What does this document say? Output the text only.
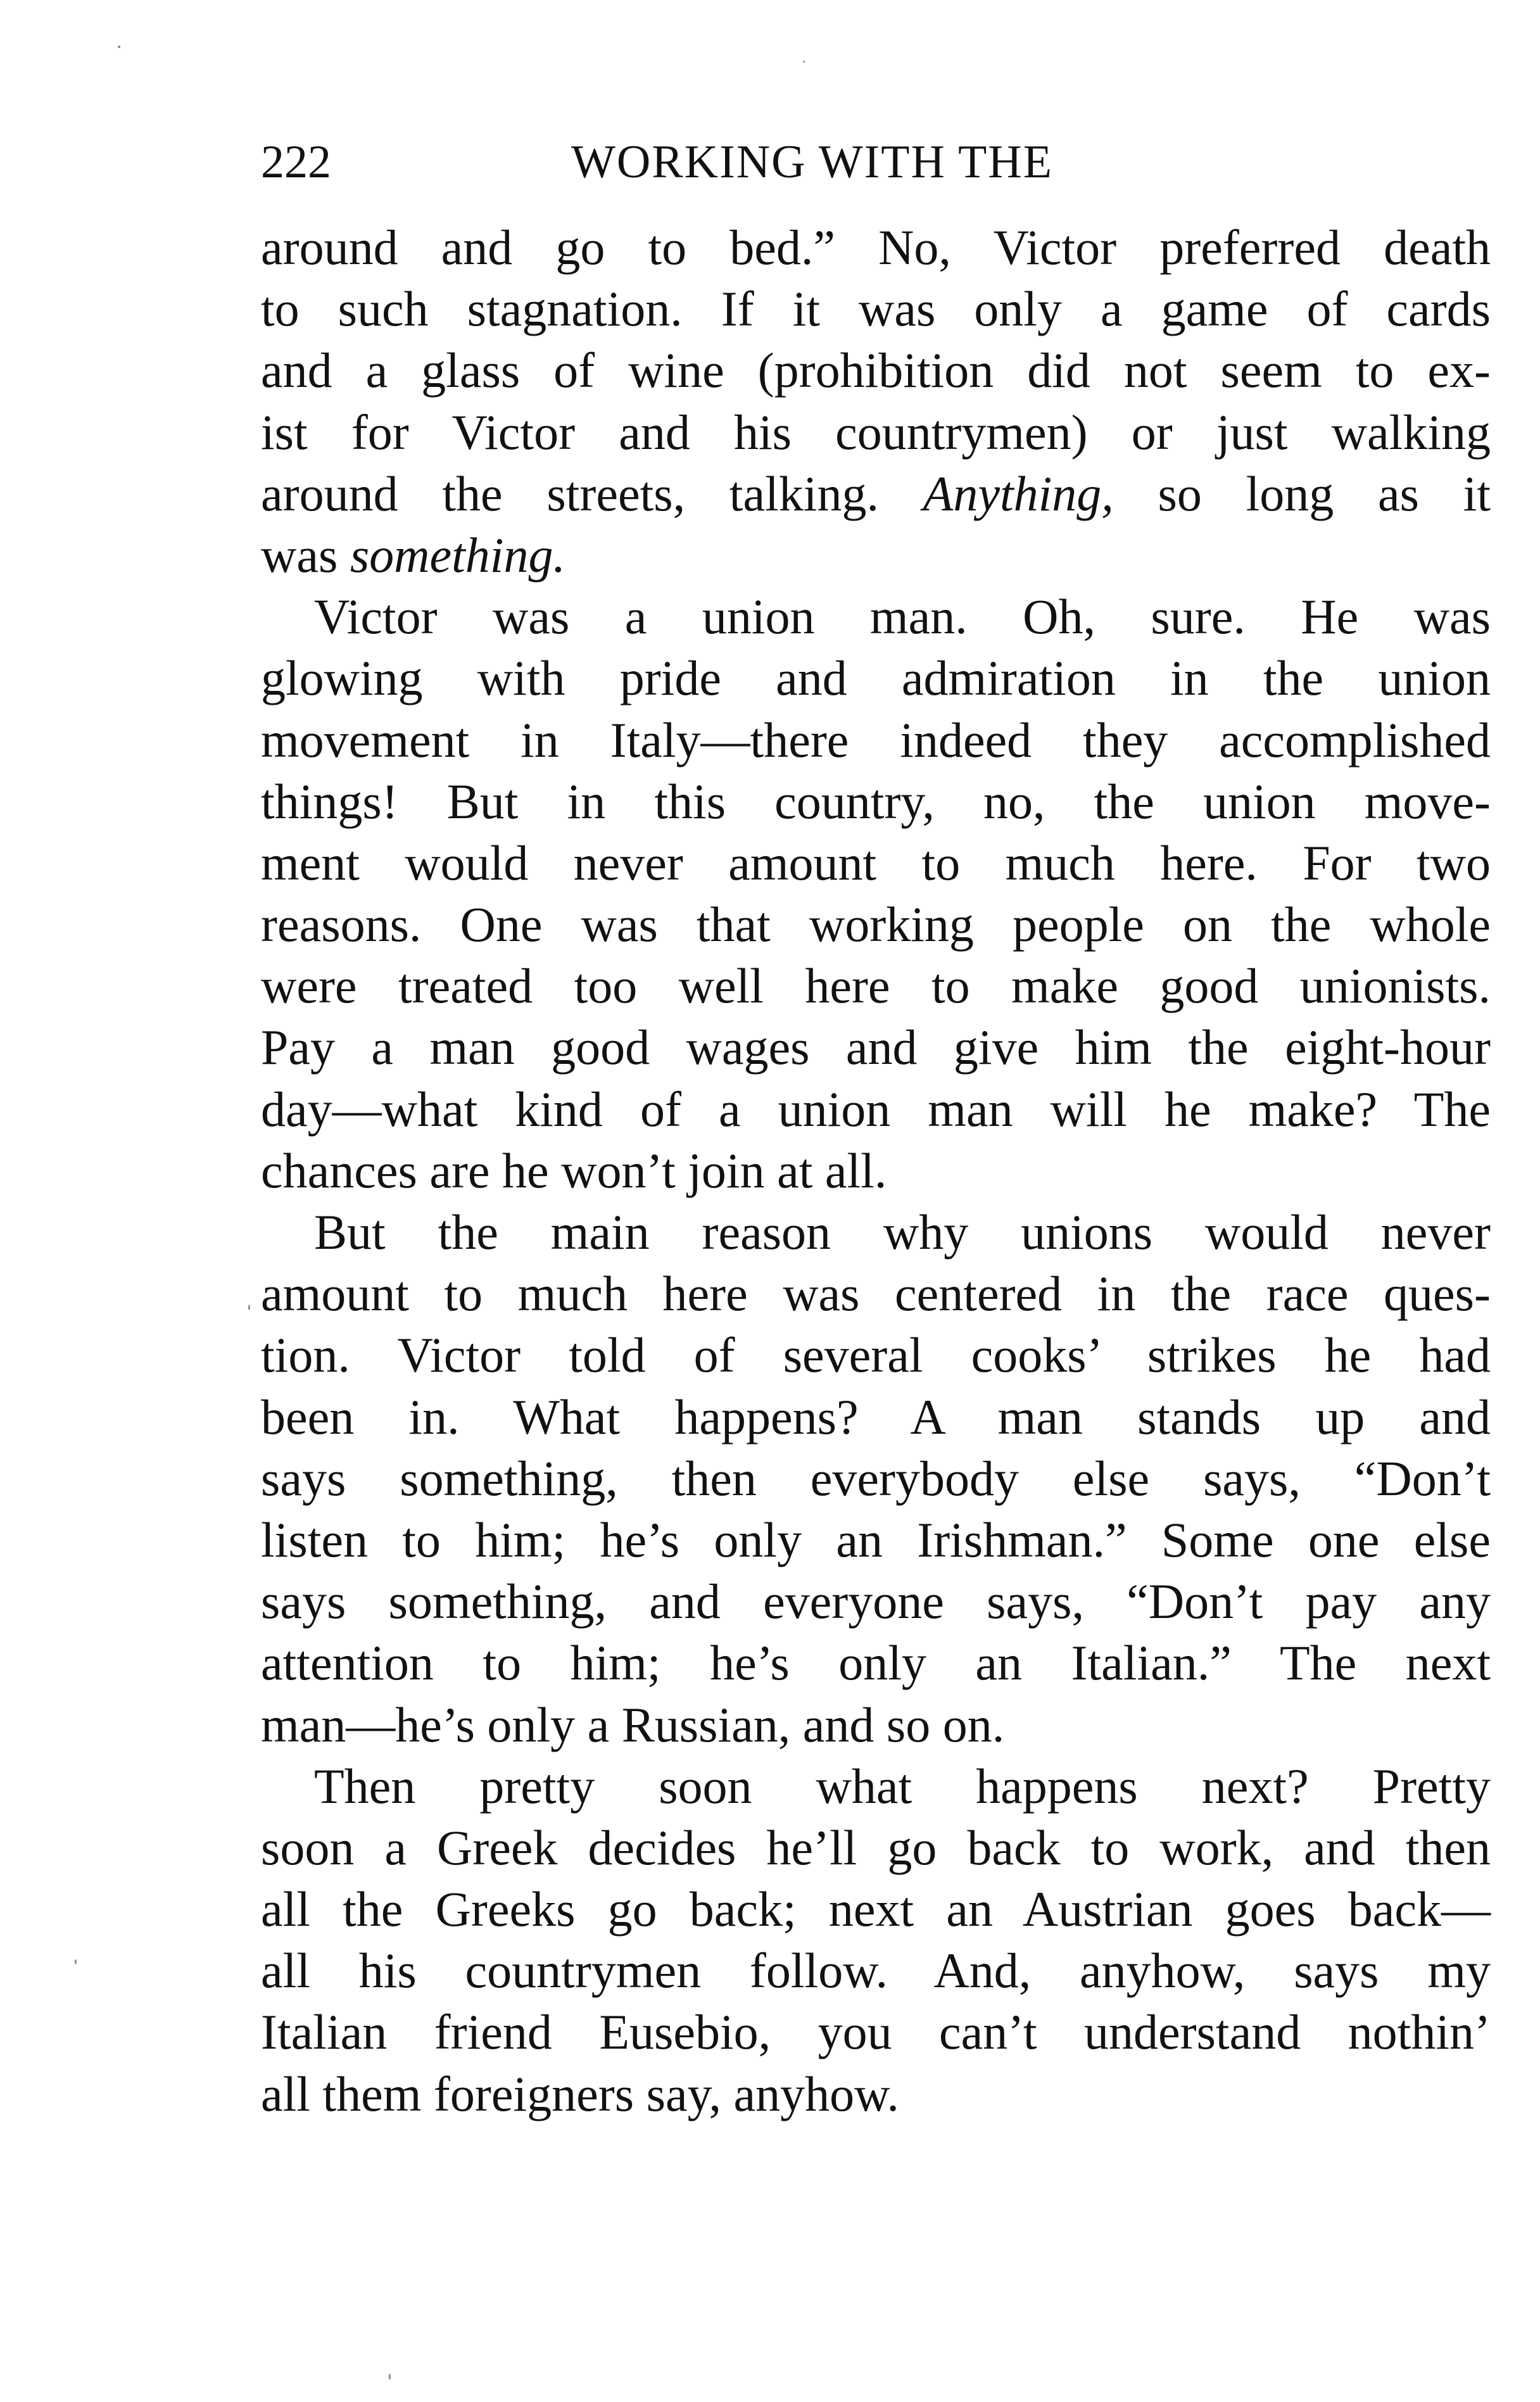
222	WORKING WITH THE
around and go to bed.” No, Victor preferred death
to such stagnation. If it was only a game of cards
and a glass of wine (prohibition did not seem to ex-
ist for Victor and his countrymen) or just walking
around the streets, talking. Anything, so long as it
was something.
Victor was a union man. Oh, sure. He was
glowing with pride and admiration in the union
movement in Italy—there indeed they accomplished
things! But in this country, no, the union move-
ment would never amount to much here. For two
reasons. One was that working people on the whole
were treated too well here to make good unionists.
Pay a man good wages and give him the eight-hour
day—what kind of a union man will he make? The
chances are he won’t join at all.
But the main reason why unions would never
amount to much here was centered in the race ques-
tion. Victor told of several cooks’ strikes he had
been in. What happens? A man stands up and
says something, then everybody else says, “Don’t
listen to him; he’s only an Irishman.” Some one else
says something, and everyone says, “Don’t pay any
attention to him; he’s only an Italian.” The next
man—he’s only a Russian, and so on.
Then pretty soon what happens next? Pretty
soon a Greek decides he’ll go back to work, and then
all the Greeks go back; next an Austrian goes back—
all his countrymen follow. And, anyhow, says my
Italian friend Eusebio, you can’t understand nothin’
all them foreigners say, anyhow.
